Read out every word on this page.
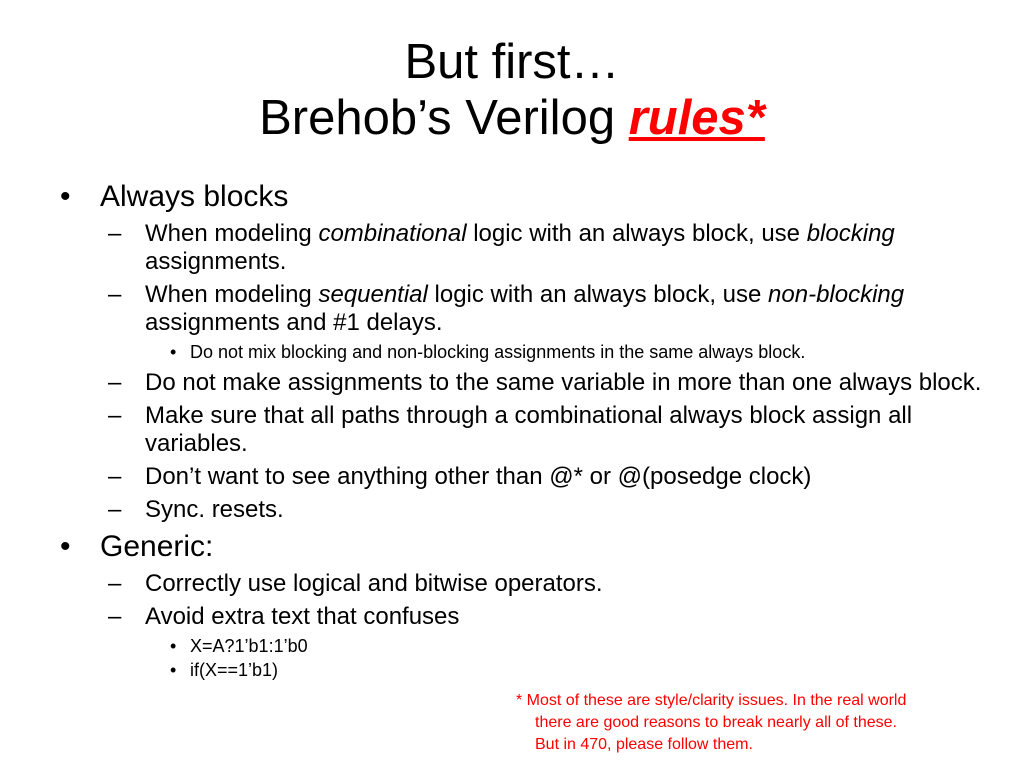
But first…
Brehob’s Verilog rules*
• Always blocks
– When modeling combinational logic with an always block, use blocking assignments.
– When modeling sequential logic with an always block, use non-blocking assignments and #1 delays.
• Do not mix blocking and non-blocking assignments in the same always block.
– Do not make assignments to the same variable in more than one always block.
– Make sure that all paths through a combinational always block assign all variables.
– Don’t want to see anything other than @* or @(posedge clock)
– Sync. resets.
• Generic:
– Correctly use logical and bitwise operators.
– Avoid extra text that confuses
• X=A?1’b1:1’b0
• if(X==1’b1)
* Most of these are style/clarity issues. In the real world
there are good reasons to break nearly all of these.
But in 470, please follow them.
